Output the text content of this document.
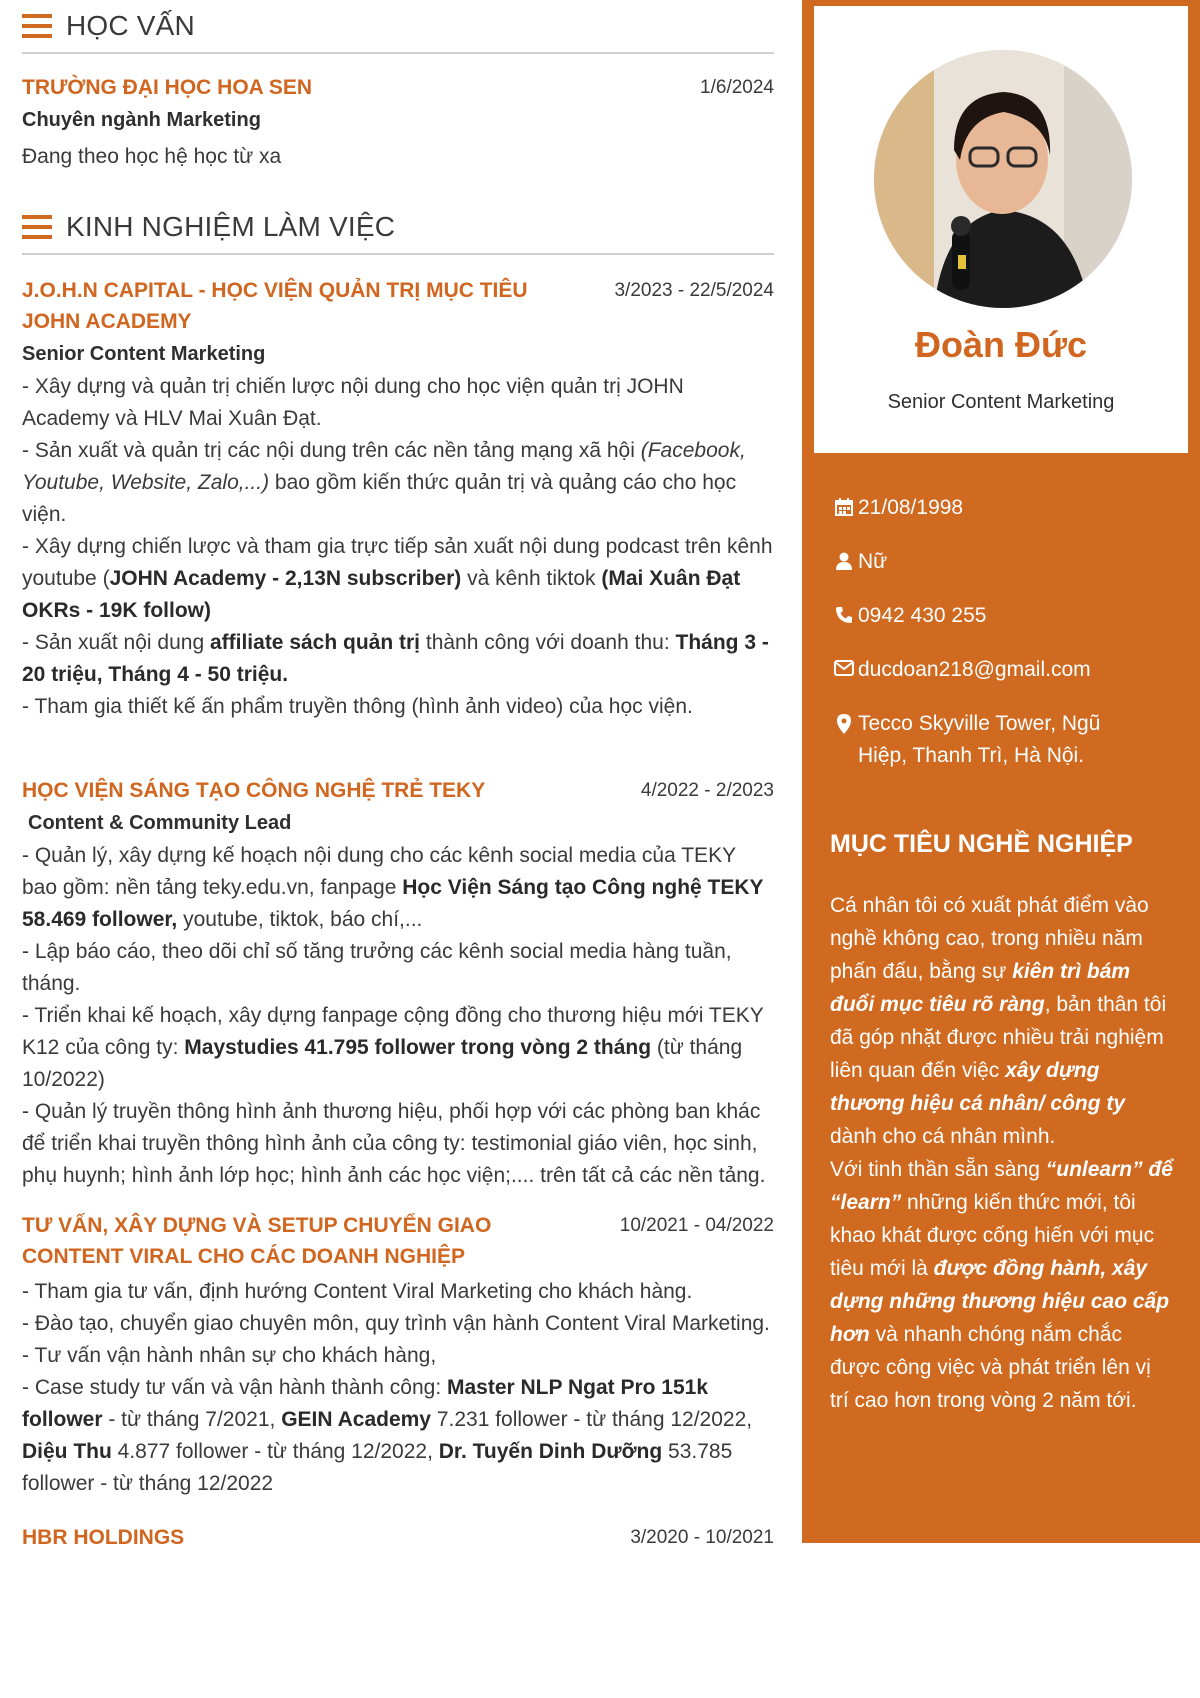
HỌC VẤN
TRƯỜNG ĐẠI HỌC HOA SEN	1/6/2024
Chuyên ngành Marketing
Đang theo học hệ học từ xa
KINH NGHIỆM LÀM VIỆC
J.O.H.N CAPITAL - HỌC VIỆN QUẢN TRỊ MỤC TIÊU JOHN ACADEMY
3/2023 - 22/5/2024
Senior Content Marketing
- Xây dựng và quản trị chiến lược nội dung cho học viện quản trị JOHN Academy và HLV Mai Xuân Đạt.
- Sản xuất và quản trị các nội dung trên các nền tảng mạng xã hội (Facebook, Youtube, Website, Zalo,...) bao gồm kiến thức quản trị và quảng cáo cho học viện.
- Xây dựng chiến lược và tham gia trực tiếp sản xuất nội dung podcast trên kênh youtube (JOHN Academy - 2,13N subscriber) và kênh tiktok (Mai Xuân Đạt OKRs - 19K follow)
- Sản xuất nội dung affiliate sách quản trị thành công với doanh thu: Tháng 3 - 20 triệu, Tháng 4 - 50 triệu.
- Tham gia thiết kế ấn phẩm truyền thông (hình ảnh video) của học viện.
HỌC VIỆN SÁNG TẠO CÔNG NGHỆ TRẺ TEKY	4/2022 - 2/2023
Content & Community Lead
- Quản lý, xây dựng kế hoạch nội dung cho các kênh social media của TEKY bao gồm: nền tảng teky.edu.vn, fanpage Học Viện Sáng tạo Công nghệ TEKY 58.469 follower, youtube, tiktok, báo chí,...
- Lập báo cáo, theo dõi chỉ số tăng trưởng các kênh social media hàng tuần, tháng.
- Triển khai kế hoạch, xây dựng fanpage cộng đồng cho thương hiệu mới TEKY K12 của công ty: Maystudies 41.795 follower trong vòng 2 tháng (từ tháng 10/2022)
- Quản lý truyền thông hình ảnh thương hiệu, phối hợp với các phòng ban khác để triển khai truyền thông hình ảnh của công ty: testimonial giáo viên, học sinh, phụ huynh; hình ảnh lớp học; hình ảnh các học viện;.... trên tất cả các nền tảng.
TƯ VẤN, XÂY DỰNG VÀ SETUP CHUYỂN GIAO CONTENT VIRAL CHO CÁC DOANH NGHIỆP
10/2021 - 04/2022
- Tham gia tư vấn, định hướng Content Viral Marketing cho khách hàng.
- Đào tạo, chuyển giao chuyên môn, quy trình vận hành Content Viral Marketing.
- Tư vấn vận hành nhân sự cho khách hàng,
- Case study tư vấn và vận hành thành công: Master NLP Ngat Pro 151k follower - từ tháng 7/2021, GEIN Academy 7.231 follower - từ tháng 12/2022, Diệu Thu 4.877 follower - từ tháng 12/2022, Dr. Tuyến Dinh Dưỡng 53.785 follower - từ tháng 12/2022
HBR HOLDINGS	3/2020 - 10/2021
Đoàn Đức
Senior Content Marketing
21/08/1998
Nữ
0942 430 255
ducdoan218@gmail.com
Tecco Skyville Tower, Ngũ Hiệp, Thanh Trì, Hà Nội.
MỤC TIÊU NGHỀ NGHIỆP
Cá nhân tôi có xuất phát điểm vào nghề không cao, trong nhiều năm phấn đấu, bằng sự kiên trì bám đuổi mục tiêu rõ ràng, bản thân tôi đã góp nhặt được nhiều trải nghiệm liên quan đến việc xây dựng thương hiệu cá nhân/ công ty dành cho cá nhân mình.
Với tinh thần sẵn sàng “unlearn” để “learn” những kiến thức mới, tôi khao khát được cống hiến với mục tiêu mới là được đồng hành, xây dựng những thương hiệu cao cấp hơn và nhanh chóng nắm chắc được công việc và phát triển lên vị trí cao hơn trong vòng 2 năm tới.
